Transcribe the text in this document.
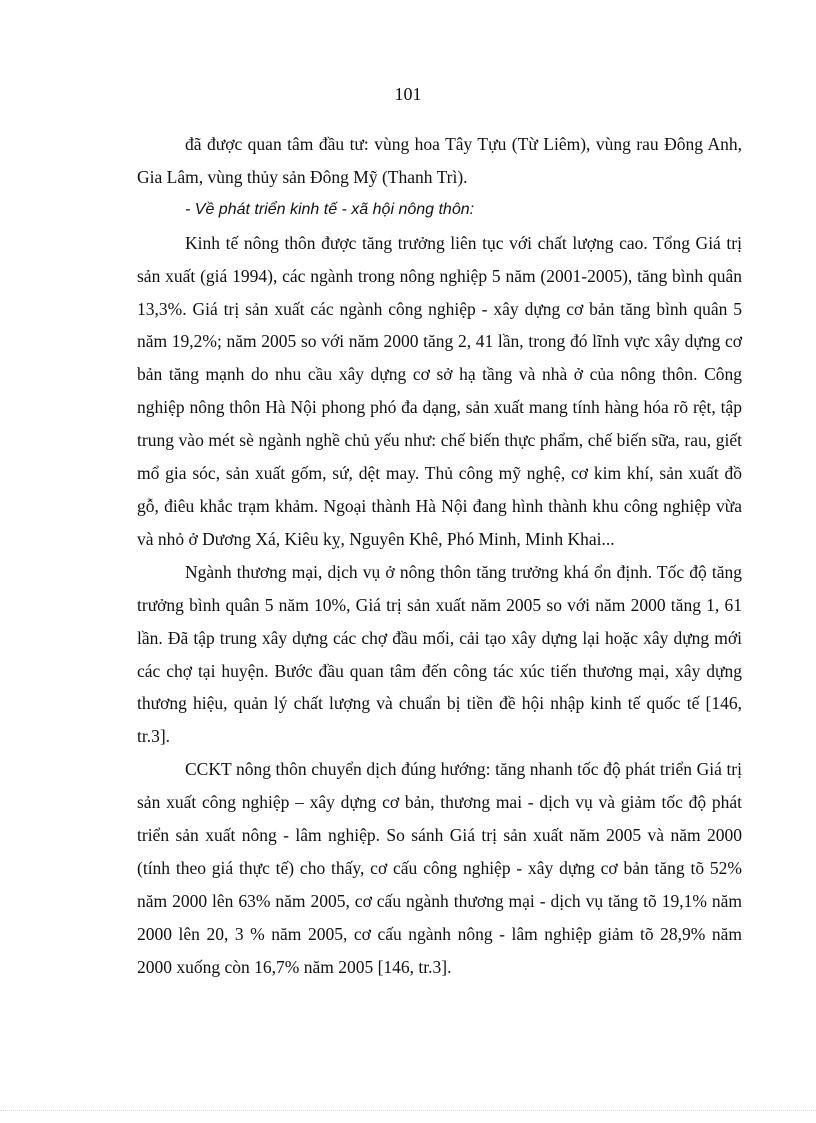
101

đã được quan tâm đầu tư: vùng hoa Tây Tựu (Từ Liêm), vùng rau Đông Anh, Gia Lâm, vùng thủy sản Đông Mỹ (Thanh Trì).

- Về phát triển kinh tế - xã hội nông thôn:

Kinh tế nông thôn được tăng trưởng liên tục với chất lượng cao. Tổng Giá trị sản xuất (giá 1994), các ngành trong nông nghiệp 5 năm (2001-2005), tăng bình quân 13,3%. Giá trị sản xuất các ngành công nghiệp - xây dựng cơ bản tăng bình quân 5 năm 19,2%; năm 2005 so với năm 2000 tăng 2, 41 lần, trong đó lĩnh vực xây dựng cơ bản tăng mạnh do nhu cầu xây dựng cơ sở hạ tầng và nhà ở của nông thôn. Công nghiệp nông thôn Hà Nội phong phó đa dạng, sản xuất mang tính hàng hóa rõ rệt, tập trung vào mét sè ngành nghề chủ yếu như: chế biến thực phẩm, chế biến sữa, rau, giết mổ gia sóc, sản xuất gốm, sứ, dệt may. Thủ công mỹ nghệ, cơ kim khí, sản xuất đồ gỗ, điêu khắc trạm khảm. Ngoại thành Hà Nội đang hình thành khu công nghiệp vừa và nhỏ ở Dương Xá, Kiêu kỵ, Nguyên Khê, Phó Minh, Minh Khai...

Ngành thương mại, dịch vụ ở nông thôn tăng trưởng khá ổn định. Tốc độ tăng trưởng bình quân 5 năm 10%, Giá trị sản xuất năm 2005 so với năm 2000 tăng 1, 61 lần. Đã tập trung xây dựng các chợ đầu mối, cải tạo xây dựng lại hoặc xây dựng mới các chợ tại huyện. Bước đầu quan tâm đến công tác xúc tiến thương mại, xây dựng thương hiệu, quản lý chất lượng và chuẩn bị tiền đề hội nhập kinh tế quốc tế [146, tr.3].

CCKT nông thôn chuyển dịch đúng hướng: tăng nhanh tốc độ phát triển Giá trị sản xuất công nghiệp – xây dựng cơ bản, thương mai - dịch vụ và giảm tốc độ phát triển sản xuất nông - lâm nghiệp. So sánh Giá trị sản xuất năm 2005 và năm 2000 (tính theo giá thực tế) cho thấy, cơ cấu công nghiệp - xây dựng cơ bản tăng tõ 52% năm 2000 lên 63% năm 2005, cơ cấu ngành thương mại - dịch vụ tăng tõ 19,1% năm 2000 lên 20, 3 % năm 2005, cơ cấu ngành nông - lâm nghiệp giảm tõ 28,9% năm 2000 xuống còn 16,7% năm 2005 [146, tr.3].
